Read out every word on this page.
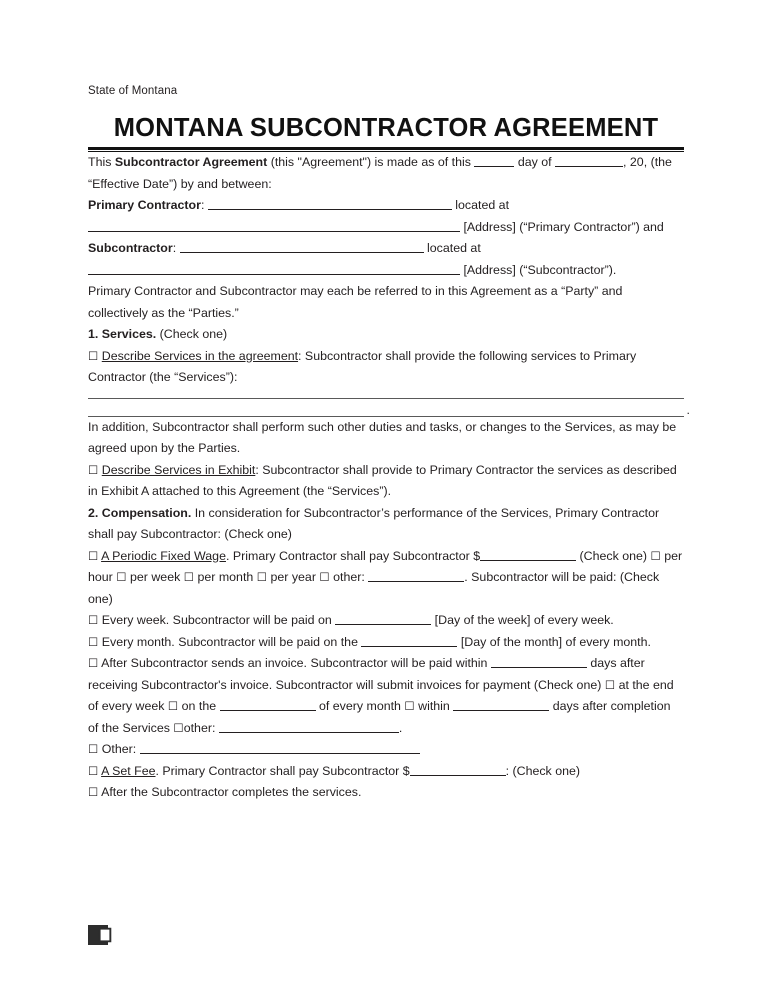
State of Montana

MONTANA SUBCONTRACTOR AGREEMENT

This Subcontractor Agreement (this "Agreement") is made as of this	day of	, 20, (the “Effective Date”) by and between:

Primary Contractor:	located at
[Address] (“Primary Contractor”) and

Subcontractor:	located at
[Address] (“Subcontractor”).

Primary Contractor and Subcontractor may each be referred to in this Agreement as a “Party” and collectively as the “Parties.”

1. Services. (Check one)

☐ Describe Services in the agreement: Subcontractor shall provide the following services to Primary Contractor (the “Services”):

.

In addition, Subcontractor shall perform such other duties and tasks, or changes to the Services, as may be agreed upon by the Parties.

☐ Describe Services in Exhibit: Subcontractor shall provide to Primary Contractor the services as described in Exhibit A attached to this Agreement (the “Services”).

2. Compensation. In consideration for Subcontractor’s performance of the Services, Primary Contractor shall pay Subcontractor: (Check one)

☐ A Periodic Fixed Wage. Primary Contractor shall pay Subcontractor $	(Check one) ☐ per hour ☐ per week ☐ per month ☐ per year ☐ other:	. Subcontractor will be paid: (Check one)

☐ Every week. Subcontractor will be paid on	[Day of the week] of every week.

☐ Every month. Subcontractor will be paid on the	[Day of the month] of every month.

☐ After Subcontractor sends an invoice. Subcontractor will be paid within	days after receiving Subcontractor's invoice. Subcontractor will submit invoices for payment (Check one) ☐ at the end of every week ☐ on the	of every month ☐ within	days after completion of the Services ☐other:	.

☐ Other:

☐ A Set Fee. Primary Contractor shall pay Subcontractor $	: (Check one)

☐ After the Subcontractor completes the services.
